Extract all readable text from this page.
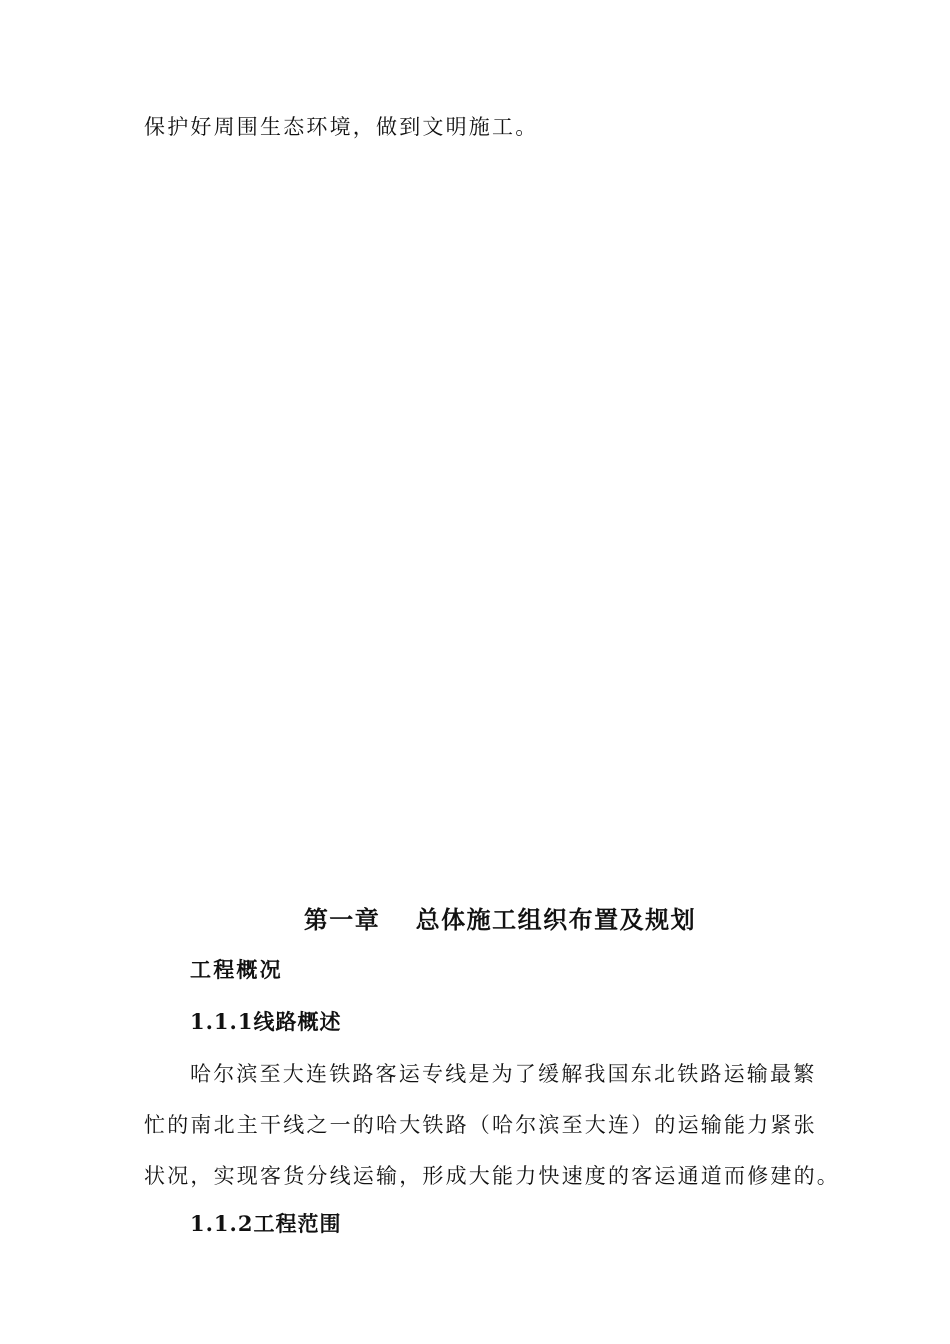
保护好周围生态环境，做到文明施工。

第一章　 总体施工组织布置及规划
工程概况
1.1.1线路概述

哈尔滨至大连铁路客运专线是为了缓解我国东北铁路运输最繁

忙的南北主干线之一的哈大铁路（哈尔滨至大连）的运输能力紧张

状况，实现客货分线运输，形成大能力快速度的客运通道而修建的。

1.1.2工程范围
